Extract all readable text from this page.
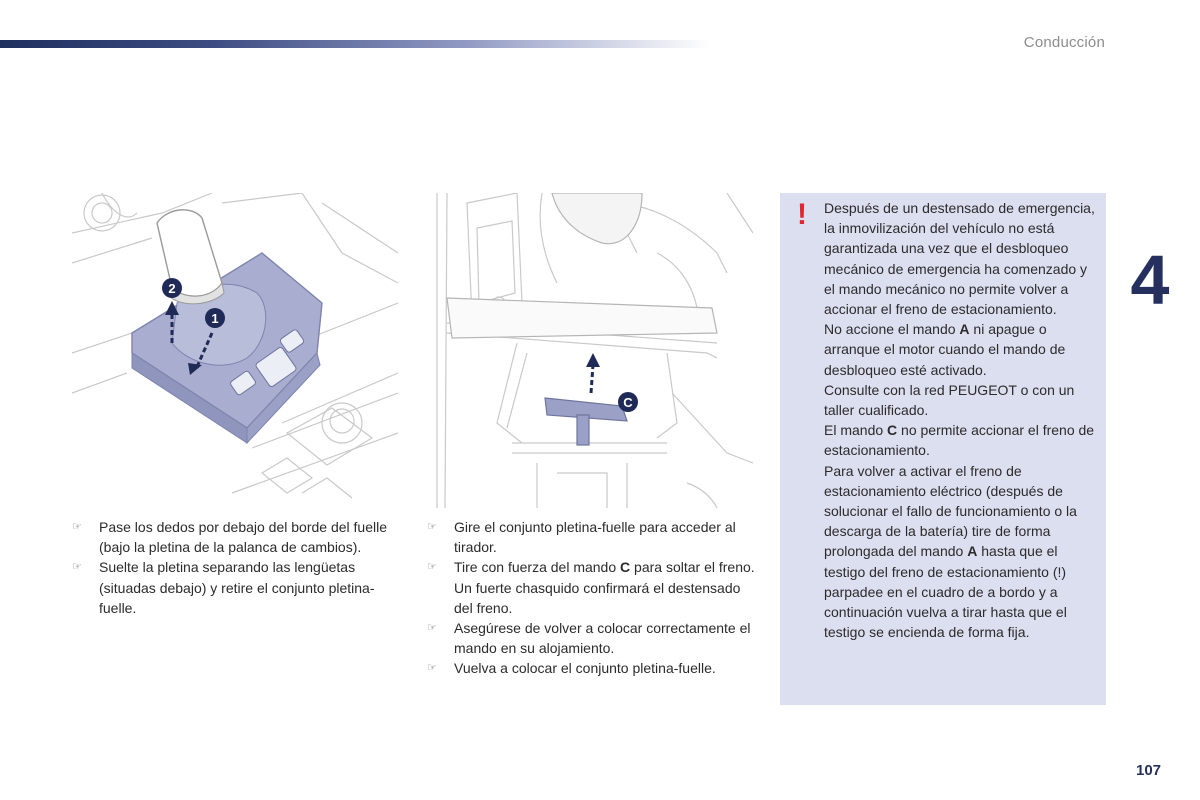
Conducción
4
1
2
C
☞ Pase los dedos por debajo del borde del fuelle (bajo la pletina de la palanca de cambios).
☞ Suelte la pletina separando las lengüetas (situadas debajo) y retire el conjunto pletina-fuelle.
☞ Gire el conjunto pletina-fuelle para acceder al tirador.
☞ Tire con fuerza del mando C para soltar el freno. Un fuerte chasquido confirmará el destensado del freno.
☞ Asegúrese de volver a colocar correctamente el mando en su alojamiento.
☞ Vuelva a colocar el conjunto pletina-fuelle.
! Después de un destensado de emergencia, la inmovilización del vehículo no está garantizada una vez que el desbloqueo mecánico de emergencia ha comenzado y el mando mecánico no permite volver a accionar el freno de estacionamiento.

No accione el mando A ni apague o arranque el motor cuando el mando de desbloqueo esté activado.

Consulte con la red PEUGEOT o con un taller cualificado.

El mando C no permite accionar el freno de estacionamiento.

Para volver a activar el freno de estacionamiento eléctrico (después de solucionar el fallo de funcionamiento o la descarga de la batería) tire de forma prolongada del mando A hasta que el testigo del freno de estacionamiento (!) parpadee en el cuadro de a bordo y a continuación vuelva a tirar hasta que el testigo se encienda de forma fija.

107
